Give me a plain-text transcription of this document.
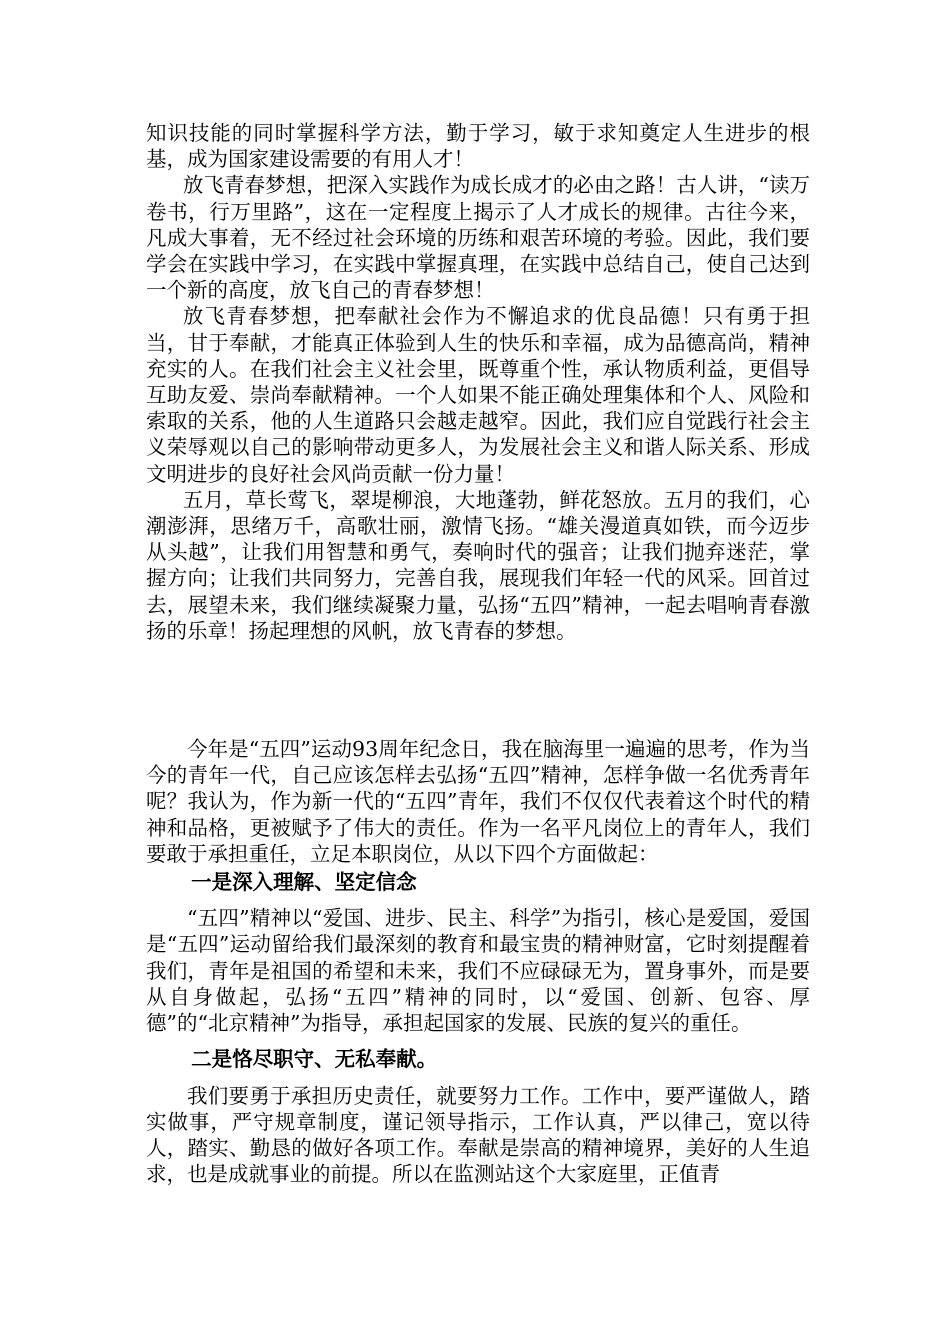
知识技能的同时掌握科学方法，勤于学习，敏于求知奠定人生进步的根基，成为国家建设需要的有用人才！

放飞青春梦想，把深入实践作为成长成才的必由之路！古人讲，“读万卷书，行万里路”，这在一定程度上揭示了人才成长的规律。古往今来，凡成大事着，无不经过社会环境的历练和艰苦环境的考验。因此，我们要学会在实践中学习，在实践中掌握真理，在实践中总结自己，使自己达到一个新的高度，放飞自己的青春梦想！

放飞青春梦想，把奉献社会作为不懈追求的优良品德！只有勇于担当，甘于奉献，才能真正体验到人生的快乐和幸福，成为品德高尚，精神充实的人。在我们社会主义社会里，既尊重个性，承认物质利益，更倡导互助友爱、崇尚奉献精神。一个人如果不能正确处理集体和个人、风险和索取的关系，他的人生道路只会越走越窄。因此，我们应自觉践行社会主义荣辱观以自己的影响带动更多人，为发展社会主义和谐人际关系、形成文明进步的良好社会风尚贡献一份力量！

五月，草长莺飞，翠堤柳浪，大地蓬勃，鲜花怒放。五月的我们，心潮澎湃，思绪万千，高歌壮丽，激情飞扬。“雄关漫道真如铁，而今迈步从头越”，让我们用智慧和勇气，奏响时代的强音；让我们抛弃迷茫，掌握方向；让我们共同努力，完善自我，展现我们年轻一代的风采。回首过去，展望未来，我们继续凝聚力量，弘扬“五四”精神，一起去唱响青春激扬的乐章！扬起理想的风帆，放飞青春的梦想。

今年是“五四”运动93周年纪念日，我在脑海里一遍遍的思考，作为当今的青年一代，自己应该怎样去弘扬“五四”精神，怎样争做一名优秀青年呢？我认为，作为新一代的“五四”青年，我们不仅仅代表着这个时代的精神和品格，更被赋予了伟大的责任。作为一名平凡岗位上的青年人，我们要敢于承担重任，立足本职岗位，从以下四个方面做起：

一是深入理解、坚定信念

“五四”精神以“爱国、进步、民主、科学”为指引，核心是爱国，爱国是“五四”运动留给我们最深刻的教育和最宝贵的精神财富，它时刻提醒着我们，青年是祖国的希望和未来，我们不应碌碌无为，置身事外，而是要从自身做起，弘扬“五四”精神的同时，以“爱国、创新、包容、厚德”的“北京精神”为指导，承担起国家的发展、民族的复兴的重任。

二是恪尽职守、无私奉献。

我们要勇于承担历史责任，就要努力工作。工作中，要严谨做人，踏实做事，严守规章制度，谨记领导指示，工作认真，严以律己，宽以待人，踏实、勤恳的做好各项工作。奉献是崇高的精神境界，美好的人生追求，也是成就事业的前提。所以在监测站这个大家庭里，正值青
